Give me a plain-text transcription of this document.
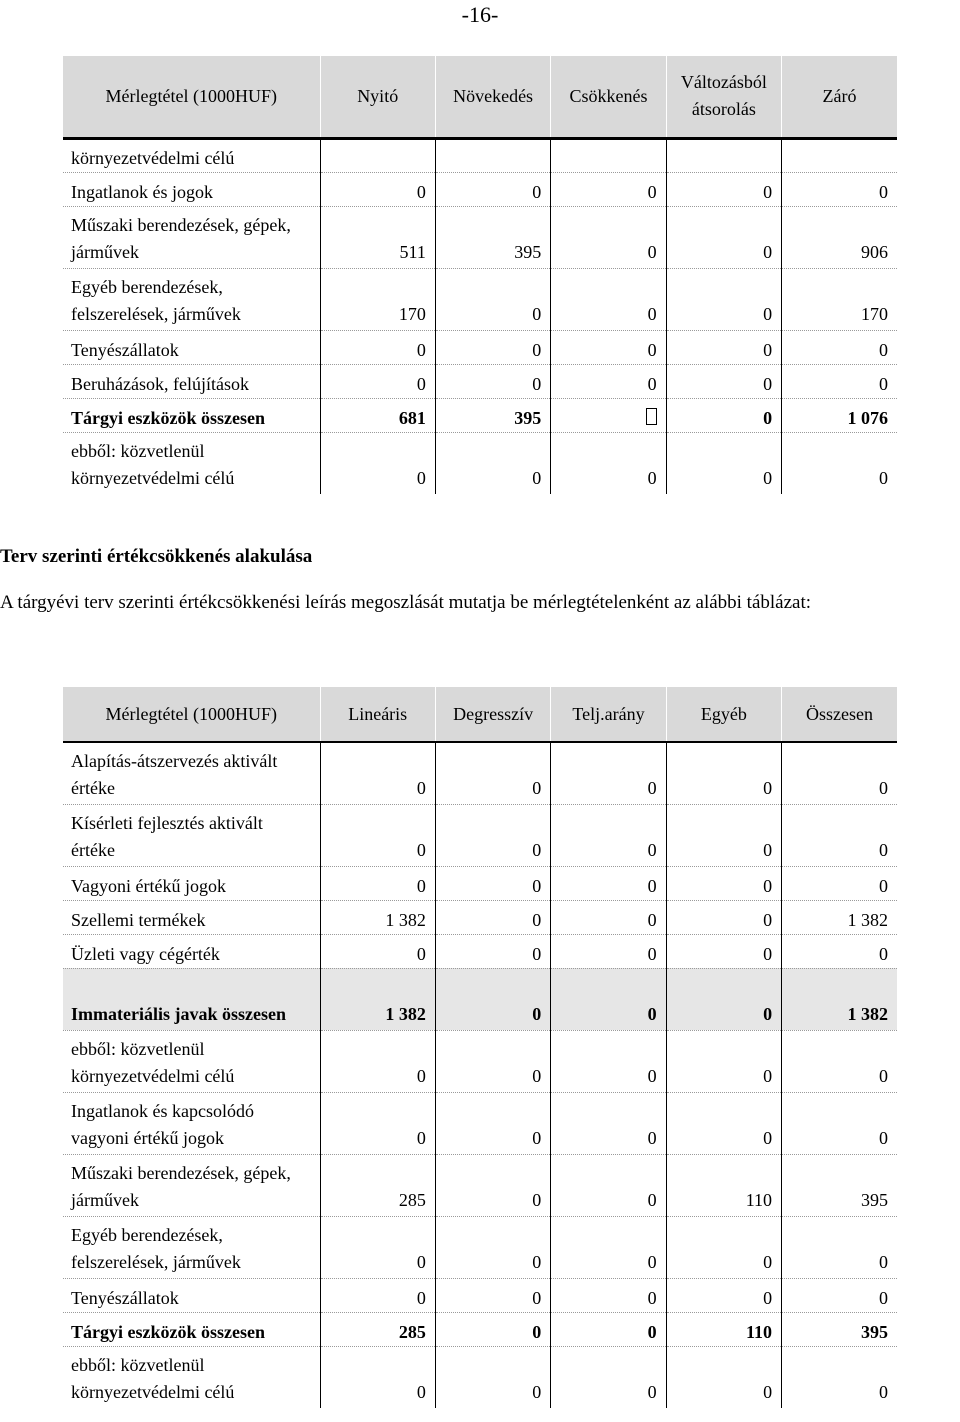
-16-
Mérlegtétel (1000HUF)	Nyitó	Növekedés	Csökkenés	Változásból átsorolás	Záró
környezetvédelmi célú					
Ingatlanok és jogok	0	0	0	0	0
Műszaki berendezések, gépek, járművek	511	395	0	0	906
Egyéb berendezések, felszerelések, járművek	170	0	0	0	170
Tenyészállatok	0	0	0	0	0
Beruházások, felújítások	0	0	0	0	0
Tárgyi eszközök összesen	681	395		0	1 076
ebből: közvetlenül környezetvédelmi célú	0	0	0	0	0
Terv szerinti értékcsökkenés alakulása
A tárgyévi terv szerinti értékcsökkenési leírás megoszlását mutatja be mérlegtételenként az alábbi táblázat:
Mérlegtétel (1000HUF)	Lineáris	Degresszív	Telj.arány	Egyéb	Összesen
Alapítás-átszervezés aktivált értéke	0	0	0	0	0
Kísérleti fejlesztés aktivált értéke	0	0	0	0	0
Vagyoni értékű jogok	0	0	0	0	0
Szellemi termékek	1 382	0	0	0	1 382
Üzleti vagy cégérték	0	0	0	0	0
Immateriális javak összesen	1 382	0	0	0	1 382
ebből: közvetlenül környezetvédelmi célú	0	0	0	0	0
Ingatlanok és kapcsolódó vagyoni értékű jogok	0	0	0	0	0
Műszaki berendezések, gépek, járművek	285	0	0	110	395
Egyéb berendezések, felszerelések, járművek	0	0	0	0	0
Tenyészállatok	0	0	0	0	0
Tárgyi eszközök összesen	285	0	0	110	395
ebből: közvetlenül környezetvédelmi célú	0	0	0	0	0
